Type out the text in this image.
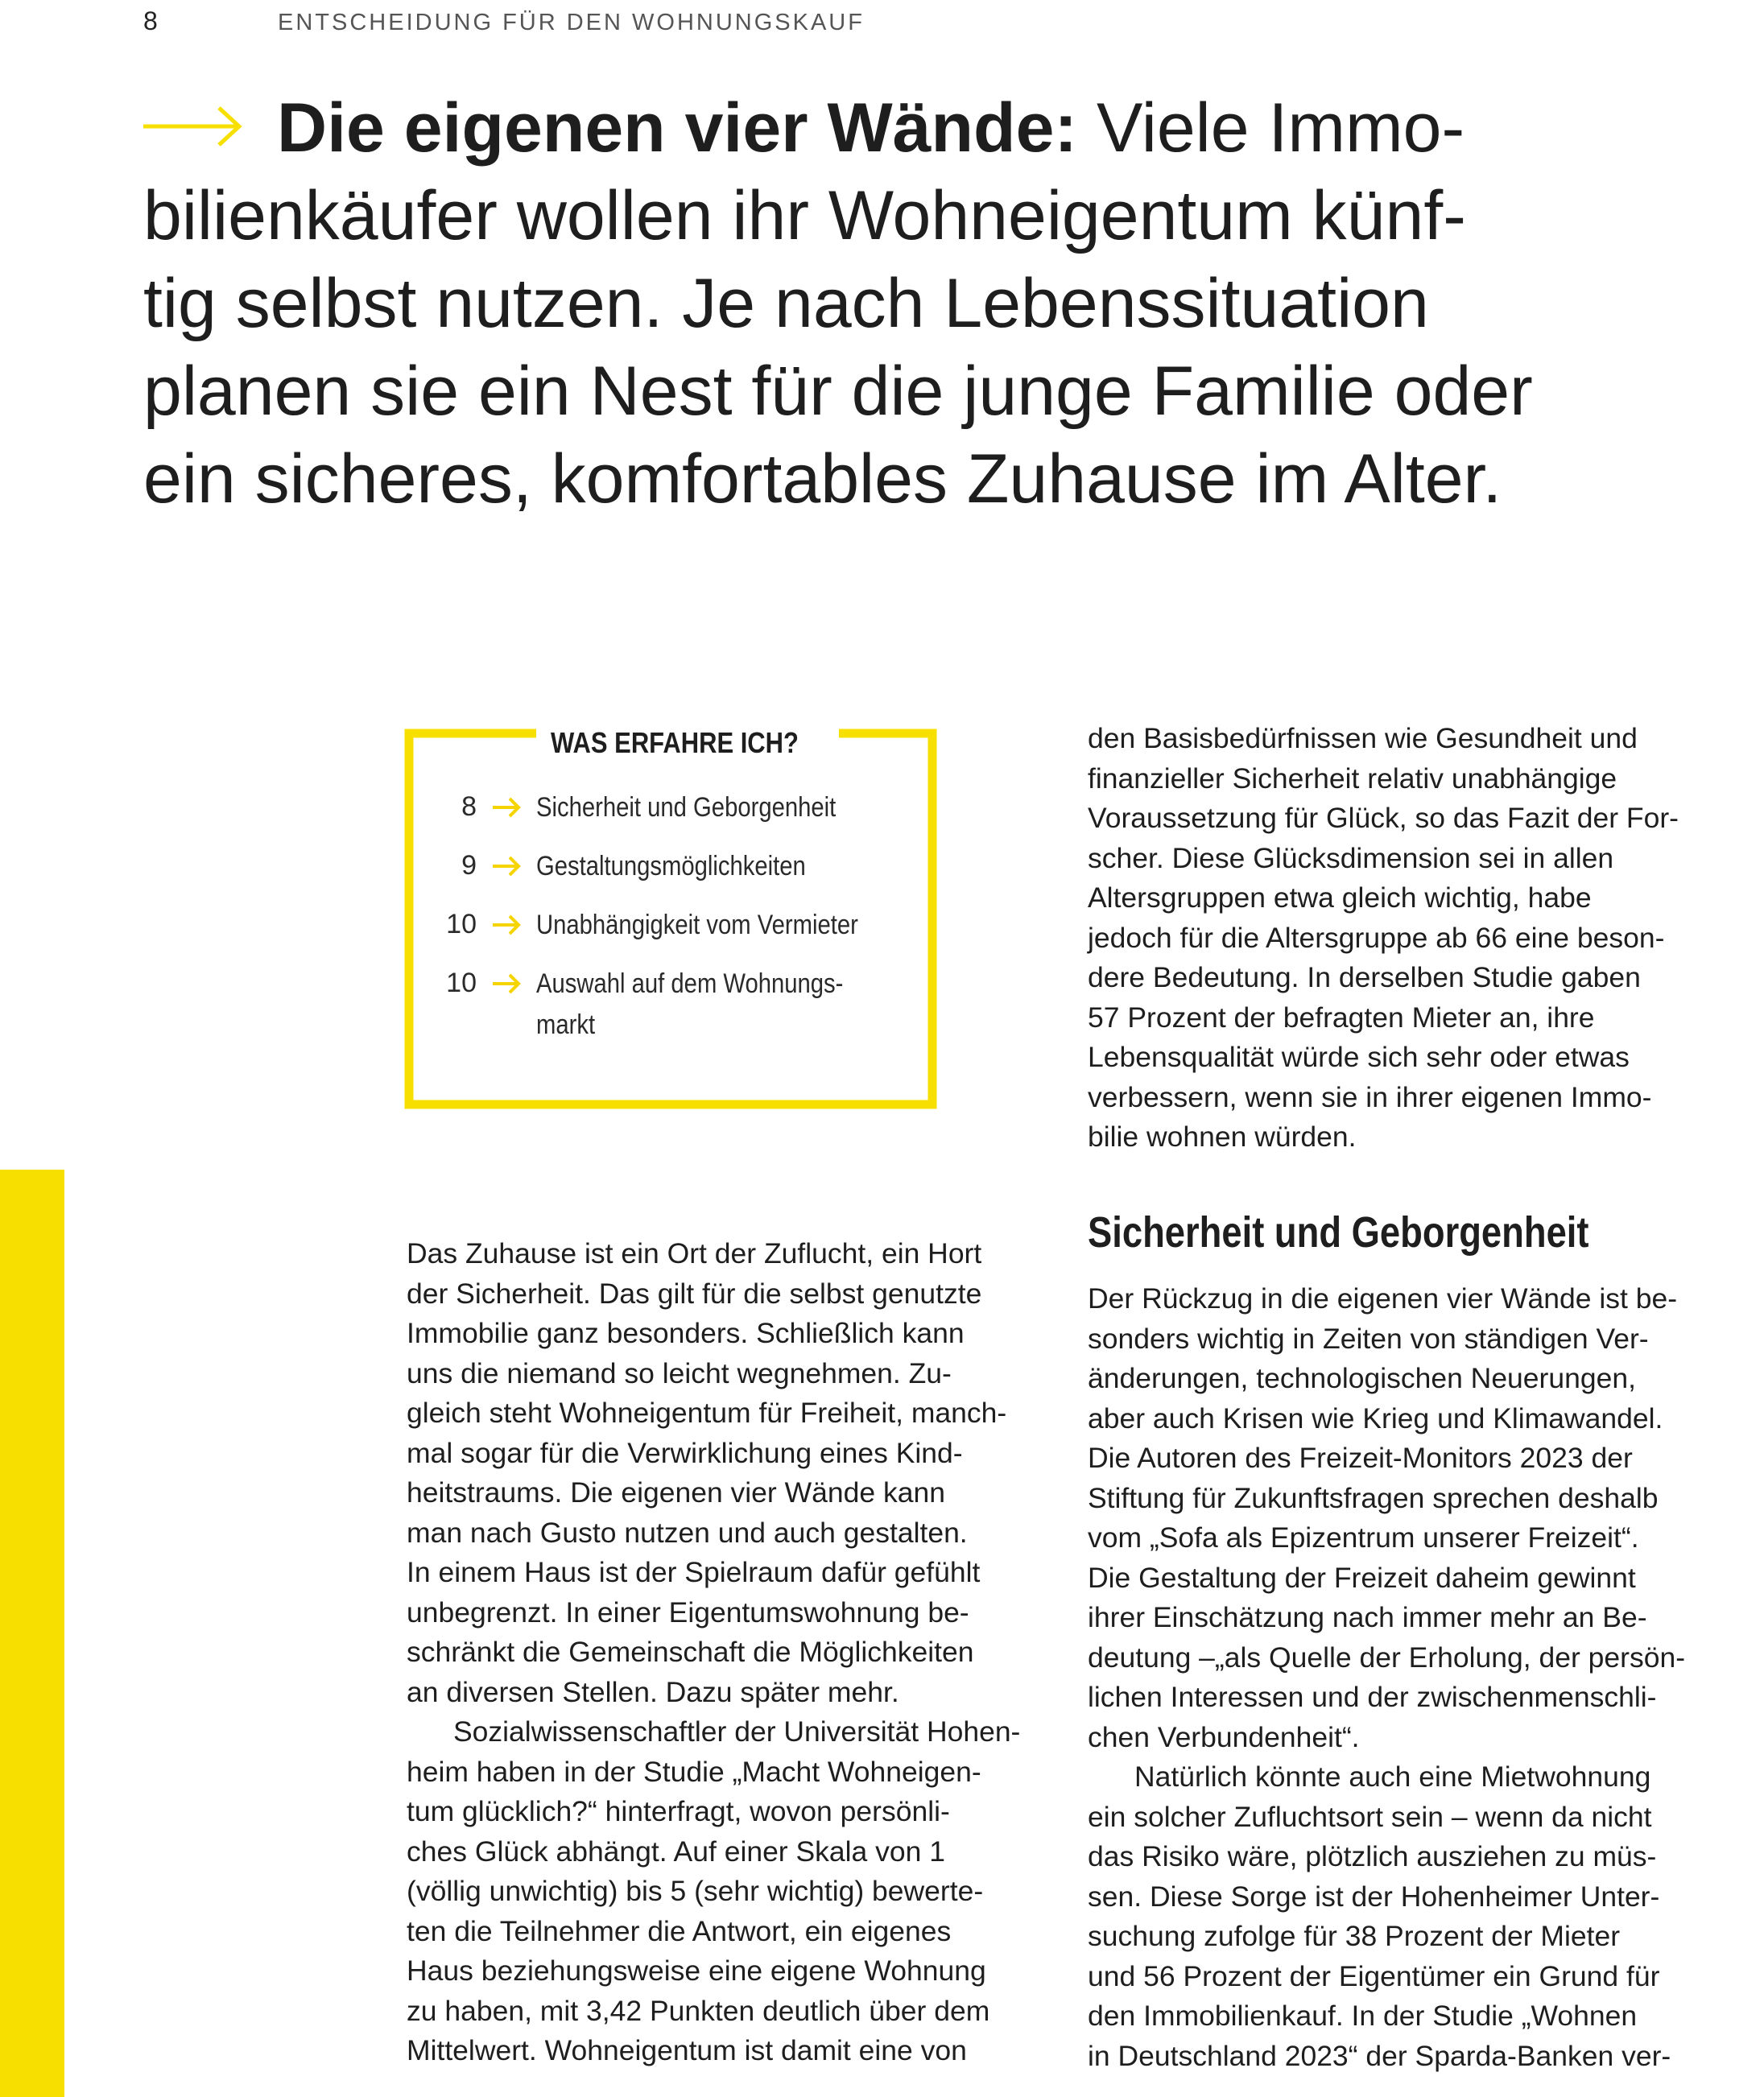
8	ENTSCHEIDUNG FÜR DEN WOHNUNGSKAUF
Die eigenen vier Wände: Viele Immo-
bilienkäufer wollen ihr Wohneigentum künf-
tig selbst nutzen. Je nach Lebenssituation
planen sie ein Nest für die junge Familie oder
ein sicheres, komfortables Zuhause im Alter.
WAS ERFAHRE ICH?
8 Sicherheit und Geborgenheit
9 Gestaltungsmöglichkeiten
10 Unabhängigkeit vom Vermieter
10 Auswahl auf dem Wohnungs-
markt
den Basisbedürfnissen wie Gesundheit und
finanzieller Sicherheit relativ unabhängige
Voraussetzung für Glück, so das Fazit der For-
scher. Diese Glücksdimension sei in allen
Altersgruppen etwa gleich wichtig, habe
jedoch für die Altersgruppe ab 66 eine beson-
dere Bedeutung. In derselben Studie gaben
57 Prozent der befragten Mieter an, ihre
Lebensqualität würde sich sehr oder etwas
verbessern, wenn sie in ihrer eigenen Immo-
bilie wohnen würden.
Sicherheit und Geborgenheit
Der Rückzug in die eigenen vier Wände ist be-
sonders wichtig in Zeiten von ständigen Ver-
änderungen, technologischen Neuerungen,
aber auch Krisen wie Krieg und Klimawandel.
Die Autoren des Freizeit-Monitors 2023 der
Stiftung für Zukunftsfragen sprechen deshalb
vom „Sofa als Epizentrum unserer Freizeit“.
Die Gestaltung der Freizeit daheim gewinnt
ihrer Einschätzung nach immer mehr an Be-
deutung –„als Quelle der Erholung, der persön-
lichen Interessen und der zwischenmenschli-
chen Verbundenheit“.
Natürlich könnte auch eine Mietwohnung
ein solcher Zufluchtsort sein – wenn da nicht
das Risiko wäre, plötzlich ausziehen zu müs-
sen. Diese Sorge ist der Hohenheimer Unter-
suchung zufolge für 38 Prozent der Mieter
und 56 Prozent der Eigentümer ein Grund für
den Immobilienkauf. In der Studie „Wohnen
in Deutschland 2023“ der Sparda-Banken ver-
Das Zuhause ist ein Ort der Zuflucht, ein Hort
der Sicherheit. Das gilt für die selbst genutzte
Immobilie ganz besonders. Schließlich kann
uns die niemand so leicht wegnehmen. Zu-
gleich steht Wohneigentum für Freiheit, manch-
mal sogar für die Verwirklichung eines Kind-
heitstraums. Die eigenen vier Wände kann
man nach Gusto nutzen und auch gestalten.
In einem Haus ist der Spielraum dafür gefühlt
unbegrenzt. In einer Eigentumswohnung be-
schränkt die Gemeinschaft die Möglichkeiten
an diversen Stellen. Dazu später mehr.
Sozialwissenschaftler der Universität Hohen-
heim haben in der Studie „Macht Wohneigen-
tum glücklich?“ hinterfragt, wovon persönli-
ches Glück abhängt. Auf einer Skala von 1
(völlig unwichtig) bis 5 (sehr wichtig) bewerte-
ten die Teilnehmer die Antwort, ein eigenes
Haus beziehungsweise eine eigene Wohnung
zu haben, mit 3,42 Punkten deutlich über dem
Mittelwert. Wohneigentum ist damit eine von
